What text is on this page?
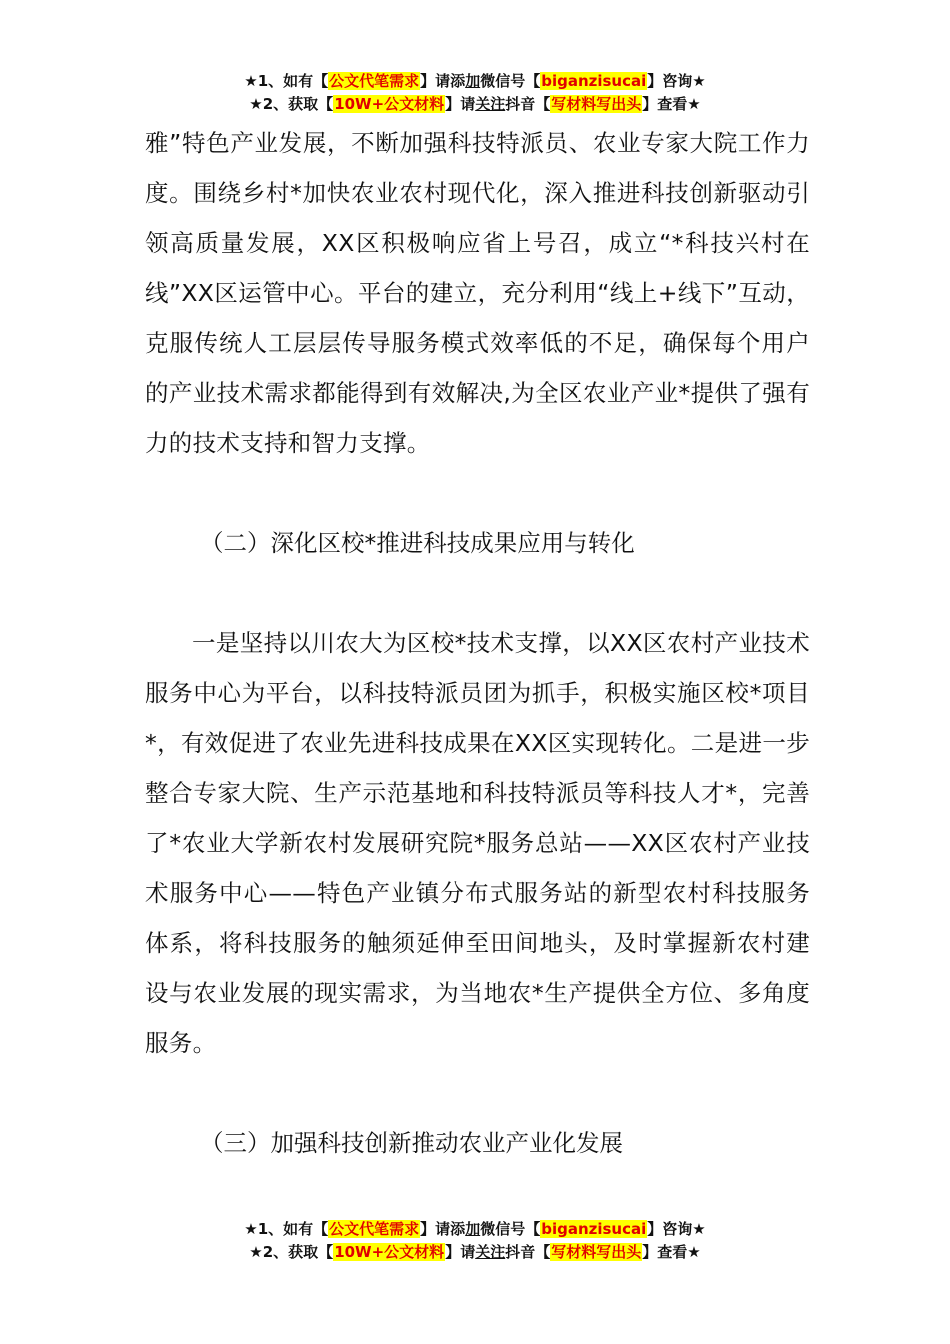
★1、如有【公文代笔需求】请添加微信号【biganzisucai】咨询★
★2、获取【10W+公文材料】请关注抖音【写材料写出头】查看★

雅”特色产业发展，不断加强科技特派员、农业专家大院工作力度。围绕乡村*加快农业农村现代化，深入推进科技创新驱动引领高质量发展，XX区积极响应省上号召，成立“*科技兴村在线”XX区运管中心。平台的建立，充分利用“线上+线下”互动，克服传统人工层层传导服务模式效率低的不足，确保每个用户的产业技术需求都能得到有效解决,为全区农业产业*提供了强有力的技术支持和智力支撑。

（二）深化区校*推进科技成果应用与转化

一是坚持以川农大为区校*技术支撑，以XX区农村产业技术服务中心为平台，以科技特派员团为抓手，积极实施区校*项目*，有效促进了农业先进科技成果在XX区实现转化。二是进一步整合专家大院、生产示范基地和科技特派员等科技人才*，完善了*农业大学新农村发展研究院*服务总站——XX区农村产业技术服务中心——特色产业镇分布式服务站的新型农村科技服务体系，将科技服务的触须延伸至田间地头，及时掌握新农村建设与农业发展的现实需求，为当地农*生产提供全方位、多角度服务。

（三）加强科技创新推动农业产业化发展

★1、如有【公文代笔需求】请添加微信号【biganzisucai】咨询★
★2、获取【10W+公文材料】请关注抖音【写材料写出头】查看★
